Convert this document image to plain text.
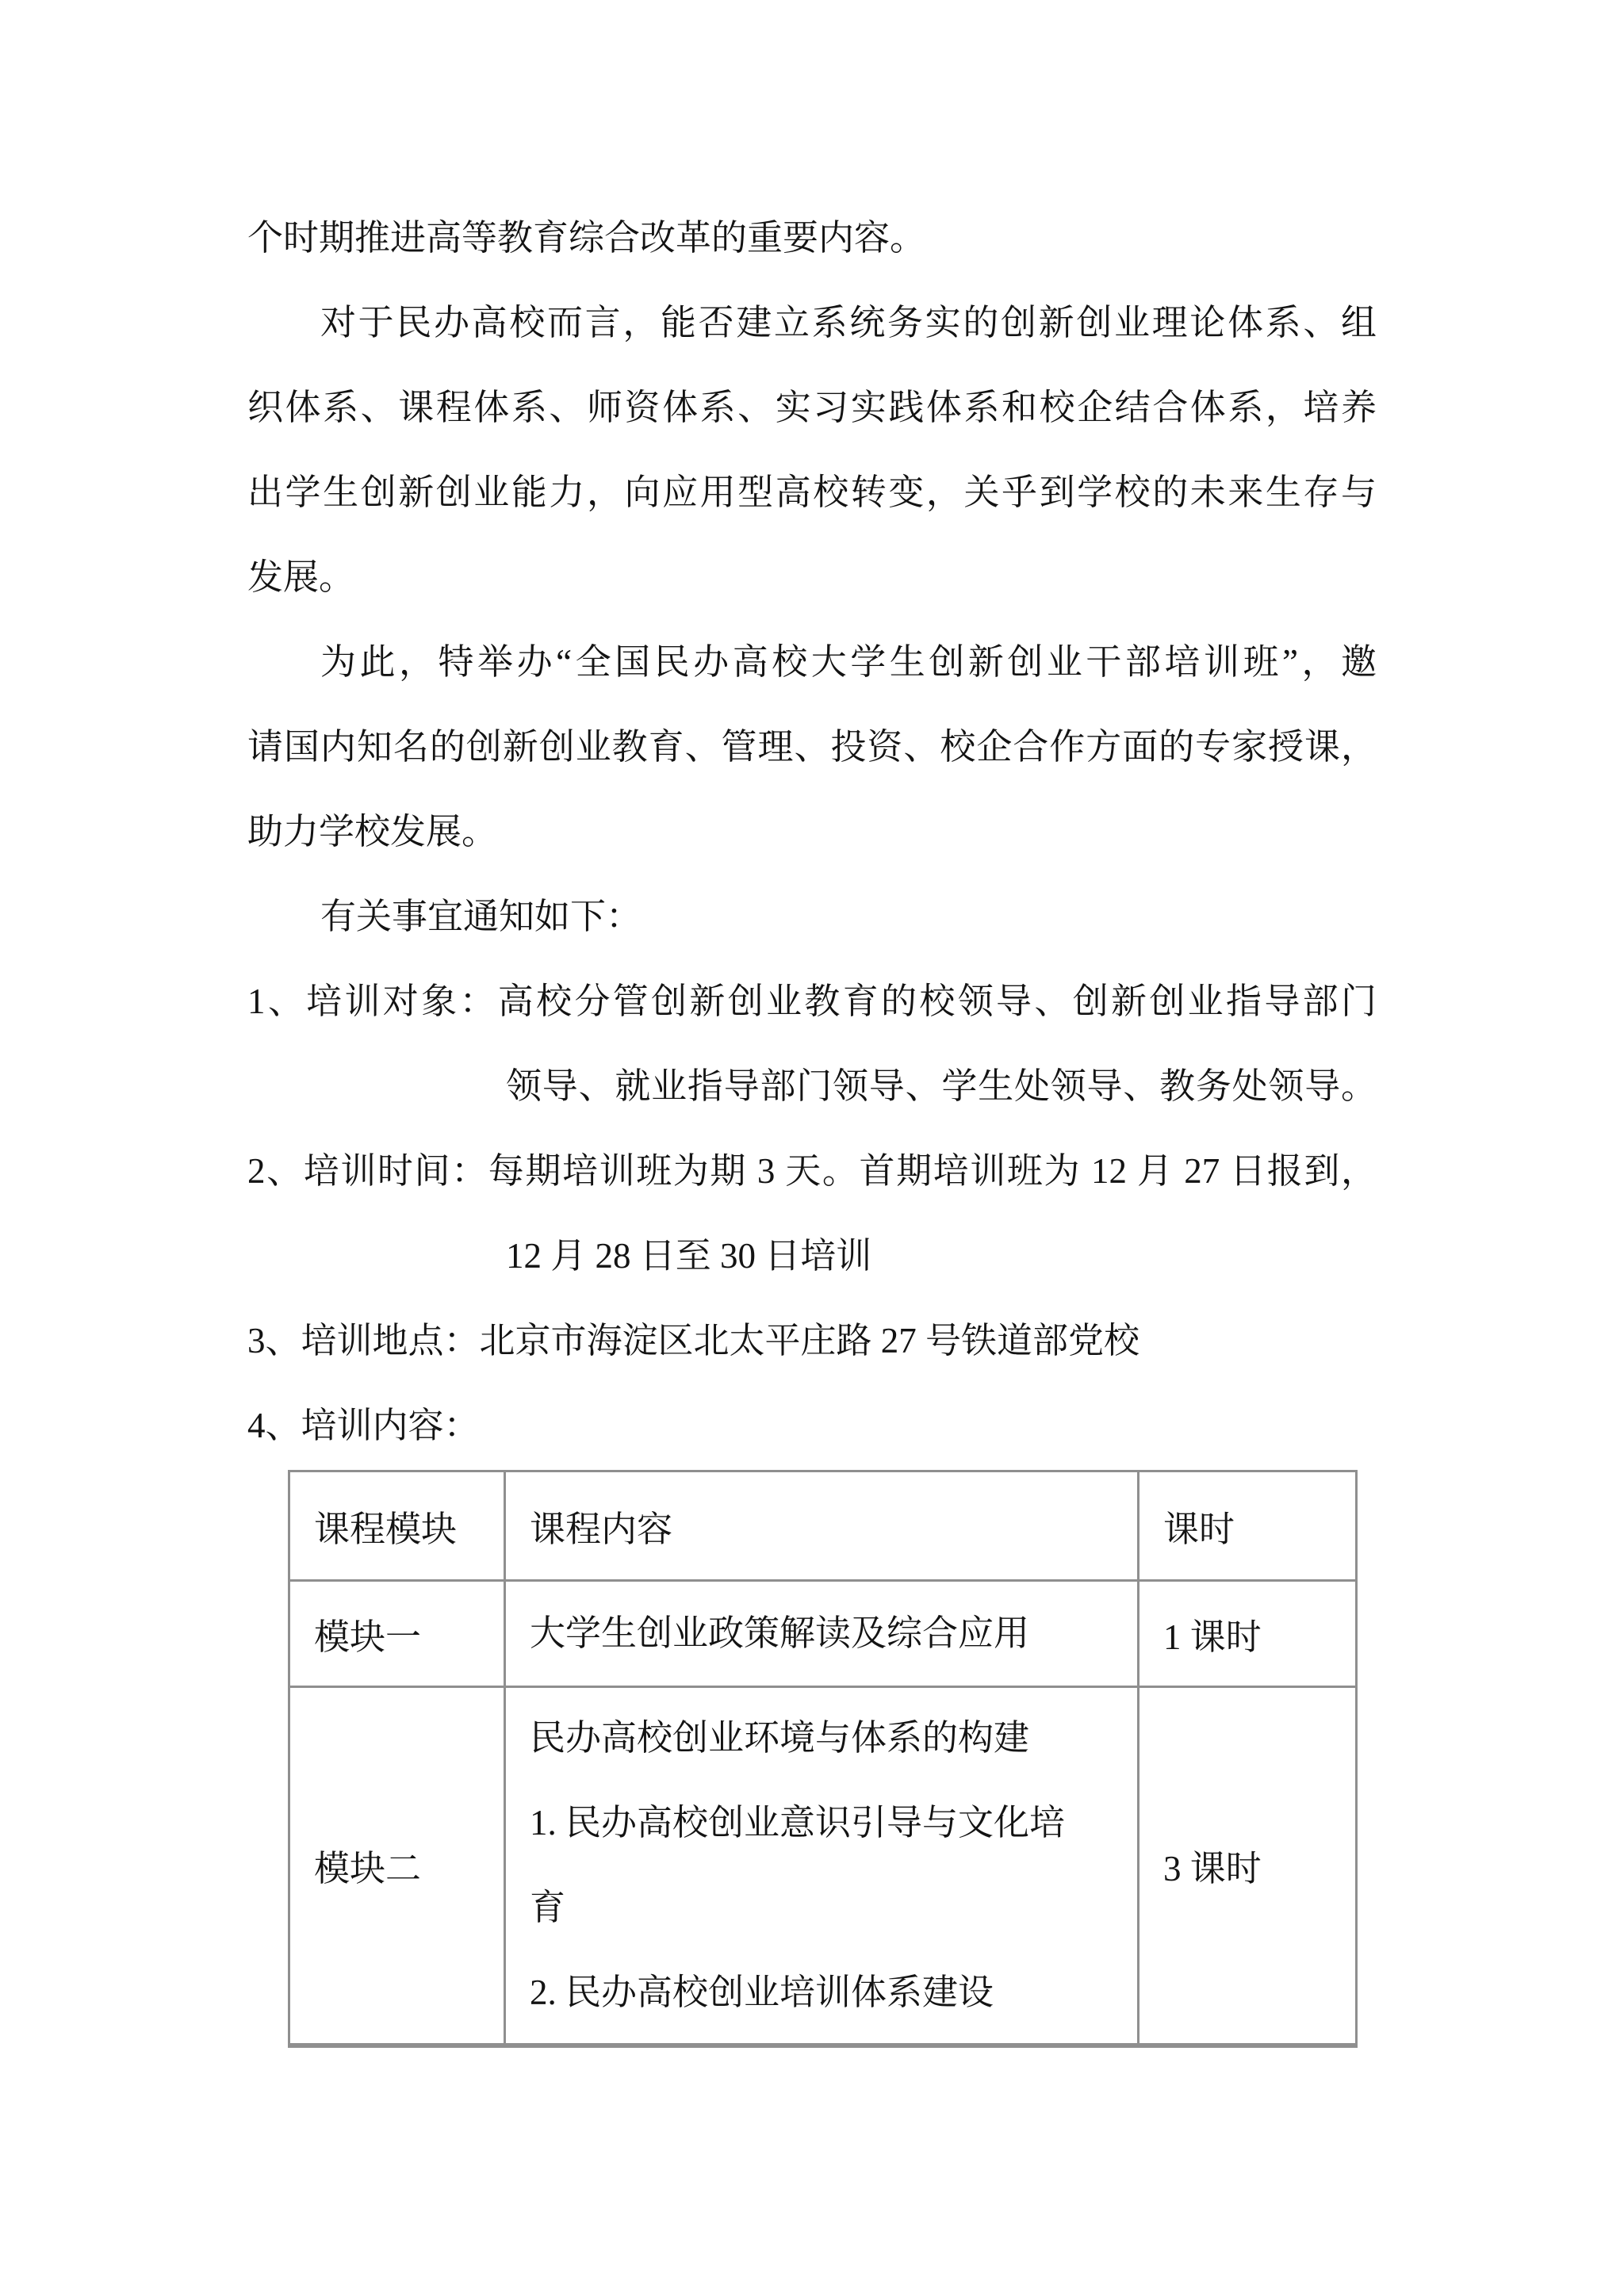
个时期推进高等教育综合改革的重要内容。
对于民办高校而言，能否建立系统务实的创新创业理论体系、组
织体系、课程体系、师资体系、实习实践体系和校企结合体系，培养
出学生创新创业能力，向应用型高校转变，关乎到学校的未来生存与
发展。
为此，特举办“全国民办高校大学生创新创业干部培训班”，邀
请国内知名的创新创业教育、管理、投资、校企合作方面的专家授课，
助力学校发展。
有关事宜通知如下：
1、培训对象：高校分管创新创业教育的校领导、创新创业指导部门
领导、就业指导部门领导、学生处领导、教务处领导。
2、培训时间：每期培训班为期 3 天。首期培训班为 12 月 27 日报到，
12 月 28 日至 30 日培训
3、培训地点：北京市海淀区北太平庄路 27 号铁道部党校
4、培训内容：
课程模块	课程内容	课时
模块一	大学生创业政策解读及综合应用	1 课时
模块二	民办高校创业环境与体系的构建
1. 民办高校创业意识引导与文化培
育
2. 民办高校创业培训体系建设	3 课时
